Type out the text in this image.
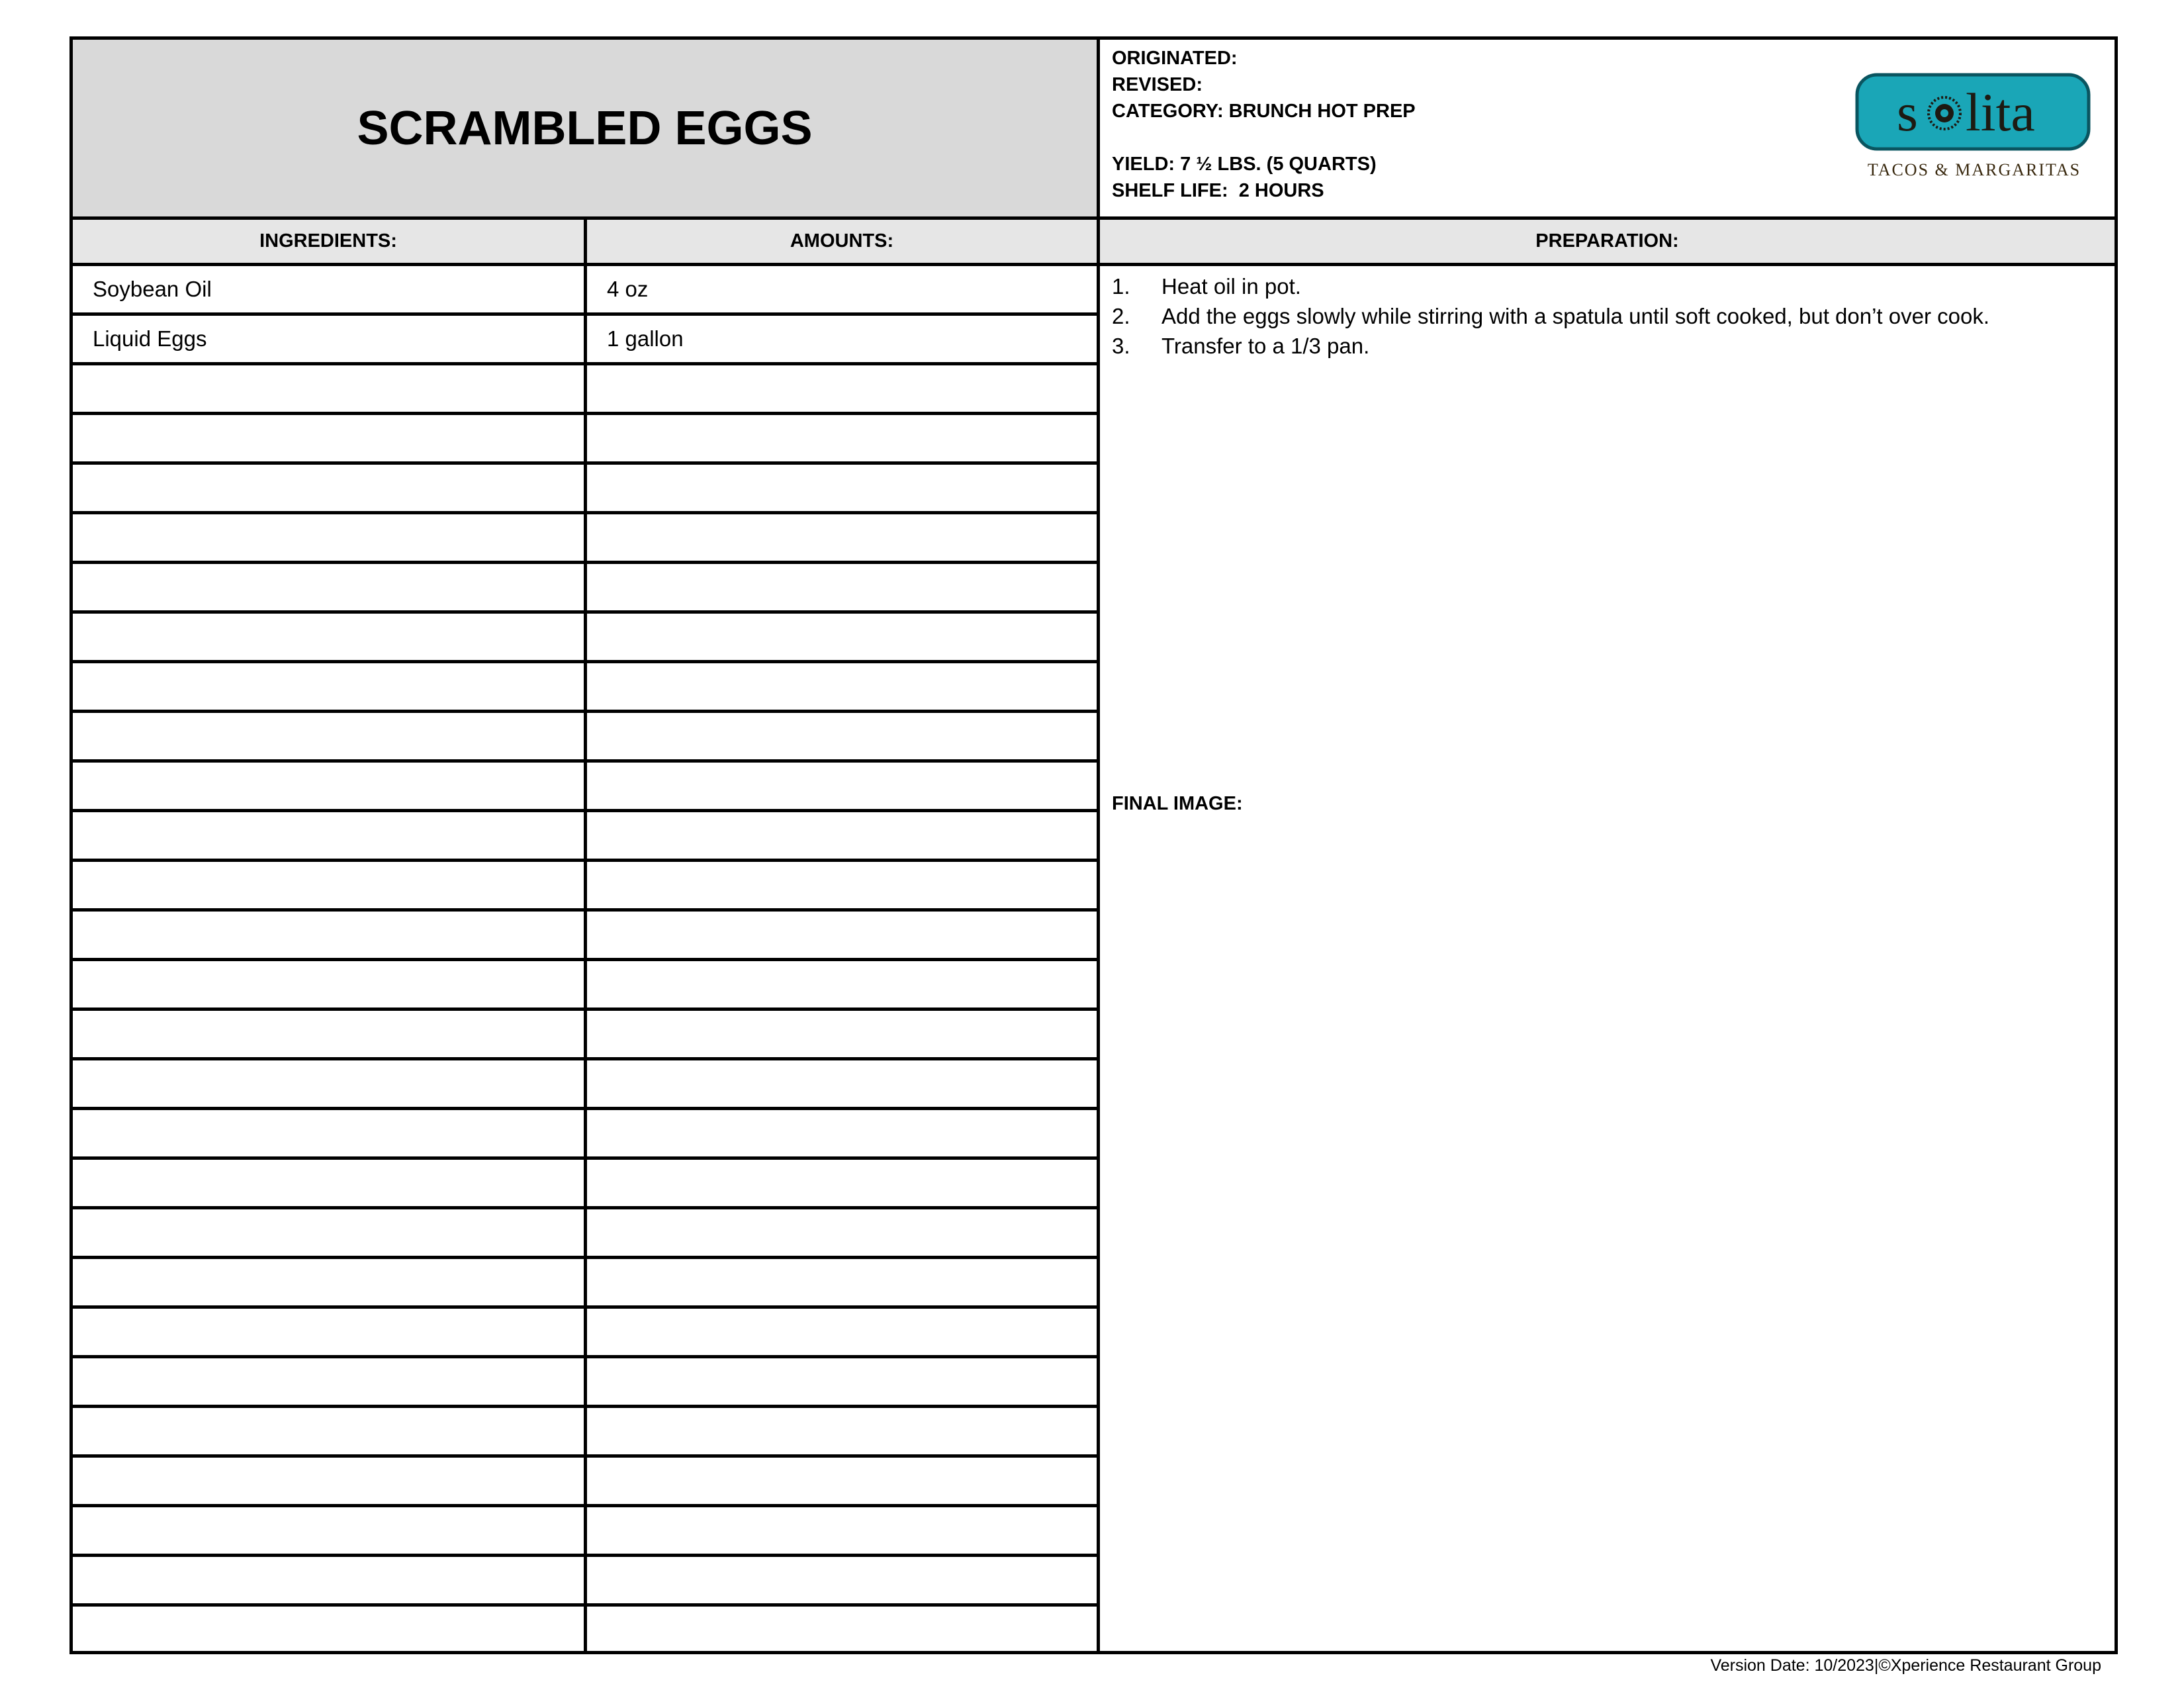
SCRAMBLED EGGS
INGREDIENTS:	AMOUNTS:	PREPARATION:
Soybean Oil	4 oz
Liquid Eggs	1 gallon
ORIGINATED:
REVISED:
CATEGORY: BRUNCH HOT PREP
YIELD: 7 ½ LBS. (5 QUARTS)
SHELF LIFE:  2 HOURS
s lita
TACOS & MARGARITAS
1.	Heat oil in pot.
2.	Add the eggs slowly while stirring with a spatula until soft cooked, but don’t over cook.
3.	Transfer to a 1/3 pan.
FINAL IMAGE:
Version Date: 10/2023|©Xperience Restaurant Group
